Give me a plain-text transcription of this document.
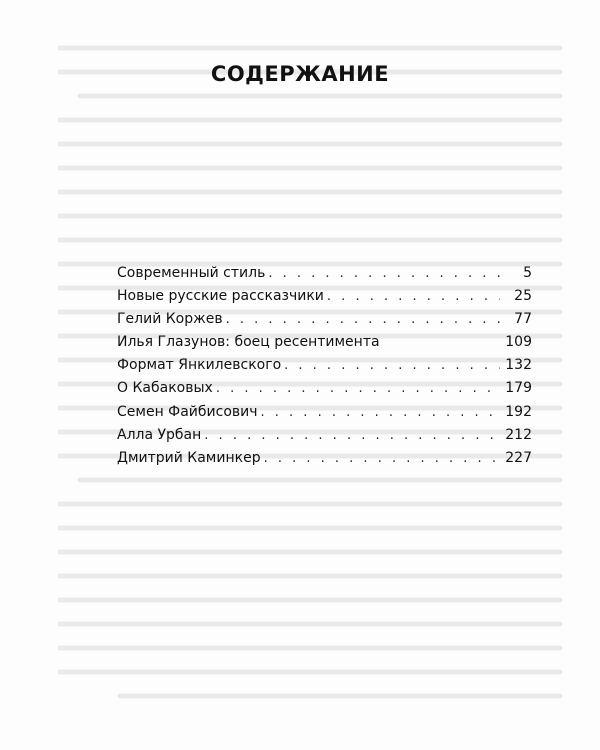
СОДЕРЖАНИЕ
Современный стиль . . .	5
Новые русские рассказчики . . .	25
Гелий Коржев . . .	77
Илья Глазунов: боец ресентимента	109
Формат Янкилевского . . .	132
О Кабаковых . . .	179
Семен Файбисович . . .	192
Алла Урбан . . .	212
Дмитрий Каминкер . . .	227
